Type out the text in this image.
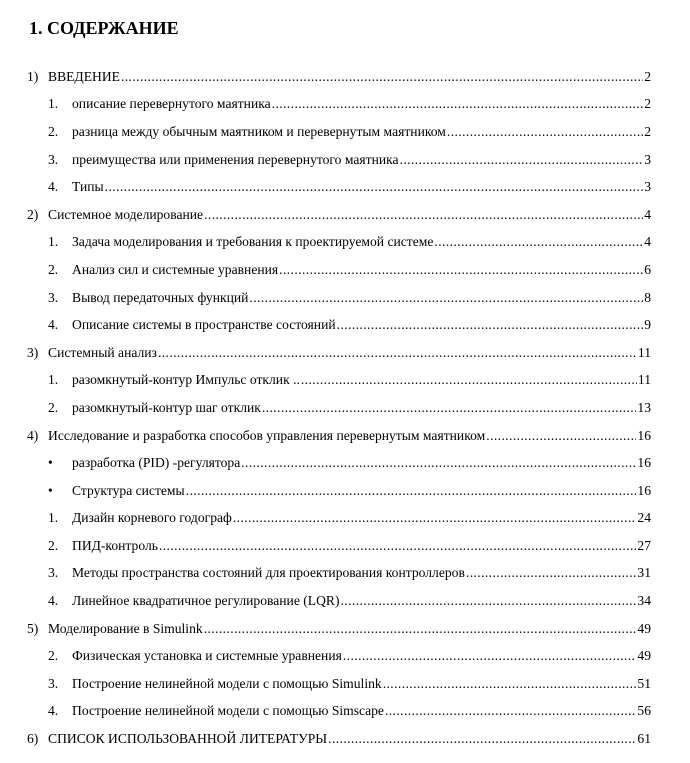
1. СОДЕРЖАНИЕ
1) ВВЕДЕНИЕ .....	2
1.	описание перевернутого маятника .....	2
2.	разница между обычным маятником и перевернутым маятником .....	2
3.	преимущества или применения перевернутого маятника .....	3
4.	Типы .....	3
2) Системное моделирование .....	4
1.	Задача моделирования и требования к проектируемой системе .....	4
2.	Анализ сил и системные уравнения .....	6
3.	Вывод передаточных функций .....	8
4.	Описание системы в пространстве состояний .....	9
3) Системный анализ .....	11
1.	разомкнутый-контур Импульс отклик .. .....	11
2.	разомкнутый-контур шаг отклик .....	13
4) Исследование и разработка способов управления перевернутым маятником .....	16
•	разработка (PID) -регулятора .....	16
•	Структура системы .....	16
1.	Дизайн корневого годограф .....	24
2.	ПИД-контроль .....	27
3.	Методы пространства состояний для проектирования контроллеров .....	31
4.	Линейное квадратичное регулирование (LQR) .....	34
5) Моделирование в Simulink .....	49
2.	Физическая установка и системные уравнения .....	49
3.	Построение нелинейной модели с помощью Simulink .....	51
4.	Построение нелинейной модели с помощью Simscape .....	56
6) СПИСОК ИСПОЛЬЗОВАННОЙ ЛИТЕРАТУРЫ .....	61
